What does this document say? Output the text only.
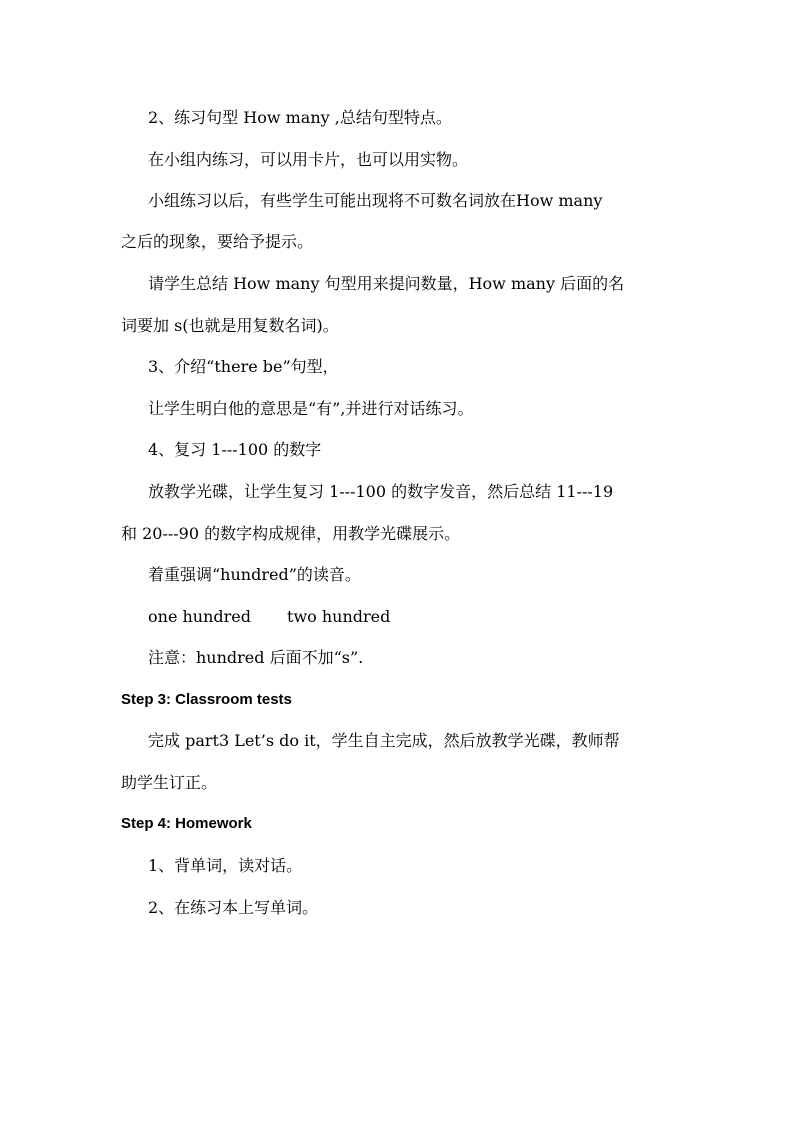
2、练习句型 How many ,总结句型特点。
在小组内练习，可以用卡片，也可以用实物。
小组练习以后，有些学生可能出现将不可数名词放在How many
之后的现象，要给予提示。
请学生总结 How many 句型用来提问数量，How many 后面的名
词要加 s(也就是用复数名词)。
3、介绍“there be”句型，
让学生明白他的意思是“有”,并进行对话练习。
4、复习 1---100 的数字
放教学光碟，让学生复习 1---100 的数字发音，然后总结 11---19
和 20---90 的数字构成规律，用教学光碟展示。
着重强调“hundred”的读音。
one hundred two hundred
注意：hundred 后面不加“s”.
Step 3: Classroom tests
完成 part3 Let’s do it，学生自主完成，然后放教学光碟，教师帮
助学生订正。
Step 4: Homework
1、背单词，读对话。
2、在练习本上写单词。
